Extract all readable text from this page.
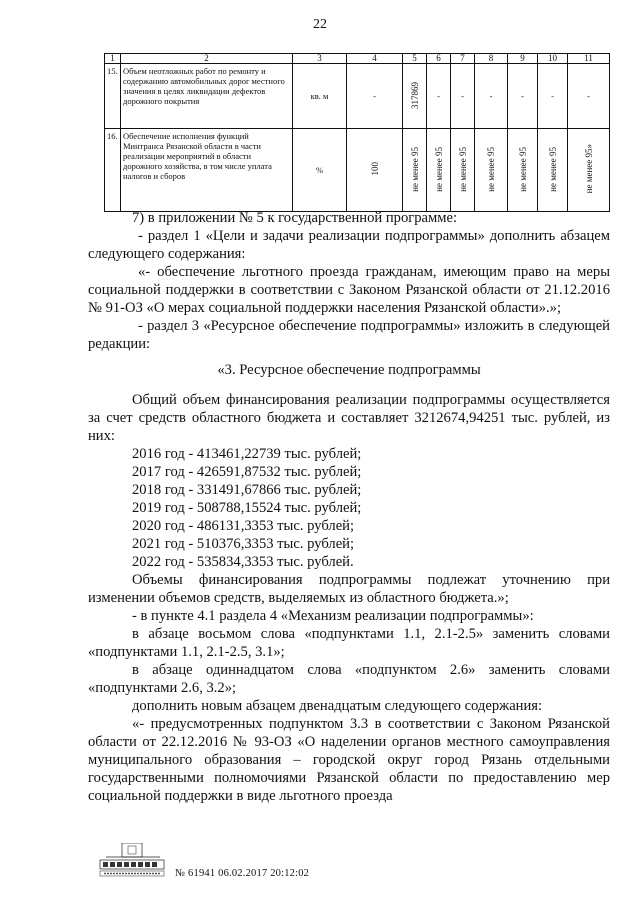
22
1	2	3	4	5	6	7	8	9	10	11
15.	Объем неотложных работ по ремонту и содержанию автомобильных дорог местного значения в целях ликвидации дефектов дорожного покрытия	кв. м	-	317869	-	-	-	-	-	-
16.	Обеспечение исполнения функций Минтранса Рязанской области в части реализации мероприятий в области дорожного хозяйства, в том числе уплата налогов и сборов	%	100	не менее 95	не менее 95	не менее 95	не менее 95	не менее 95	не менее 95	не менее 95»

7) в приложении № 5 к государственной программе:

- раздел 1 «Цели и задачи реализации подпрограммы» дополнить абзацем следующего содержания:

«- обеспечение льготного проезда гражданам, имеющим право на меры социальной поддержки в соответствии с Законом Рязанской области от 21.12.2016 № 91-ОЗ «О мерах социальной поддержки населения Рязанской области».»;

- раздел 3 «Ресурсное обеспечение подпрограммы» изложить в следующей редакции:

«3. Ресурсное обеспечение подпрограммы

Общий объем финансирования реализации подпрограммы осуществляется за счет средств областного бюджета и составляет 3212674,94251 тыс. рублей, из них:

2016 год - 413461,22739 тыс. рублей;

2017 год - 426591,87532 тыс. рублей;

2018 год - 331491,67866 тыс. рублей;

2019 год - 508788,15524 тыс. рублей;

2020 год - 486131,3353 тыс. рублей;

2021 год - 510376,3353 тыс. рублей;

2022 год - 535834,3353 тыс. рублей.

Объемы финансирования подпрограммы подлежат уточнению при изменении объемов средств, выделяемых из областного бюджета.»;

- в пункте 4.1 раздела 4 «Механизм реализации подпрограммы»:

в абзаце восьмом слова «подпунктами 1.1, 2.1-2.5» заменить словами «подпунктами 1.1, 2.1-2.5, 3.1»;

в абзаце одиннадцатом слова «подпунктом 2.6» заменить словами «подпунктами 2.6, 3.2»;

дополнить новым абзацем двенадцатым следующего содержания:

«- предусмотренных подпунктом 3.3 в соответствии с Законом Рязанской области от 22.12.2016 № 93-ОЗ «О наделении органов местного самоуправления муниципального образования – городской округ город Рязань отдельными государственными полномочиями Рязанской области по предоставлению мер социальной поддержки в виде льготного проезда

№ 61941 06.02.2017 20:12:02
